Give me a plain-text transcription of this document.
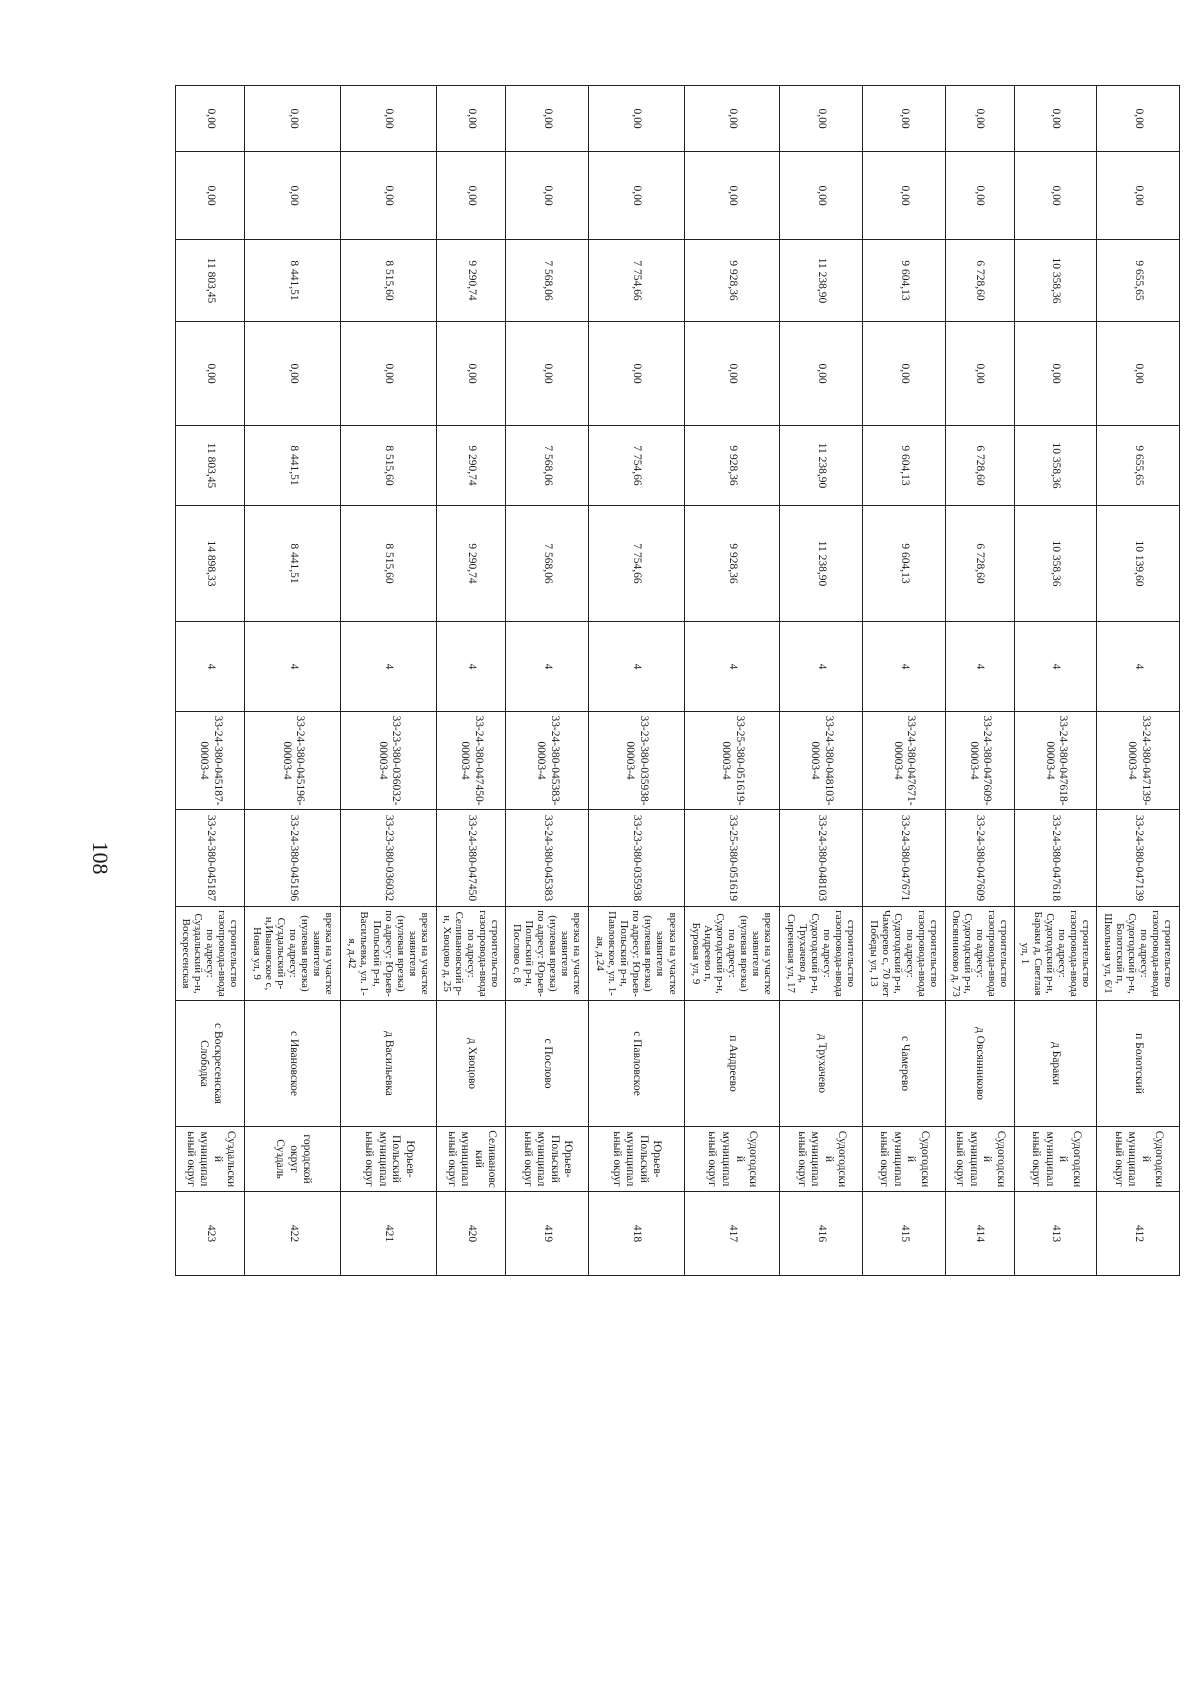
108
0,00	0,00	9 655,65	0,00	9 655,65	10 139,60	4	33-24-380-047139-00003-4	33-24-380-047139	строительство газопровода-ввода по адресу: Судогодский р-н, Болотский п, Школьная ул, 6/1	п Болотский	Судогодский муниципальный округ	412
0,00	0,00	10 358,36	0,00	10 358,36	10 358,36	4	33-24-380-047618-00003-4	33-24-380-047618	строительство газопровода-ввода по адресу: Судогодский р-н, Бараки д, Светлая ул, 1	д Бараки	Судогодский муниципальный округ	413
0,00	0,00	6 728,60	0,00	6 728,60	6 728,60	4	33-24-380-047609-00003-4	33-24-380-047609	строительство газопровода-ввода по адресу: Судогодский р-н, Овсянниково д, 73	д Овсянниково	Судогодский муниципальный округ	414
0,00	0,00	9 604,13	0,00	9 604,13	9 604,13	4	33-24-380-047671-00003-4	33-24-380-047671	строительство газопровода-ввода по адресу: Судогодский р-н, Чамерево с, 70 лет Победы ул, 13	с Чамерево	Судогодский муниципальный округ	415
0,00	0,00	11 238,90	0,00	11 238,90	11 238,90	4	33-24-380-048103-00003-4	33-24-380-048103	строительство газопровода-ввода по адресу: Судогодский р-н, Трухачево д, Сиреневая ул, 17	д Трухачево	Судогодский муниципальный округ	416
0,00	0,00	9 928,36	0,00	9 928,36	9 928,36	4	33-25-380-051619-00003-4	33-25-380-051619	врезка на участке заявителя (нулевая врезка) по адресу: Судогодский р-н, Андреево п, Буровая ул, 9	п Андреево	Судогодский муниципальный округ	417
0,00	0,00	7 754,66	0,00	7 754,66	7 754,66	4	33-23-380-035938-00003-4	33-23-380-035938	врезка на участке заявителя (нулевая врезка) по адресу: Юрьев-Польский р-н, Павловское, ул. 1-ая, д.24	с Павловское	Юрьев-Польский муниципальный округ	418
0,00	0,00	7 568,06	0,00	7 568,06	7 568,06	4	33-24-380-045383-00003-4	33-24-380-045383	врезка на участке заявителя (нулевая врезка) по адресу: Юрьев-Польский р-н, Пословo с, 8	с Пословo	Юрьев-Польский муниципальный округ	419
0,00	0,00	9 290,74	0,00	9 290,74	9 290,74	4	33-24-380-047450-00003-4	33-24-380-047450	строительство газопровода-ввода по адресу: Селивановский р-н, Хвоцово д, 25	д Хвоцово	Селивановский муниципальный округ	420
0,00	0,00	8 515,60	0,00	8 515,60	8 515,60	4	33-23-380-036032-00003-4	33-23-380-036032	врезка на участке заявителя (нулевая врезка) по адресу: Юрьев-Польский р-н, Васильевка, ул. 1-я, д.42	д Васильевка	Юрьев-Польский муниципальный округ	421
0,00	0,00	8 441,51	0,00	8 441,51	8 441,51	4	33-24-380-045196-00003-4	33-24-380-045196	врезка на участке заявителя (нулевая врезка) по адресу: Суздальский р-н,Ивановское с, Новая ул, 9	с Ивановское	городской округ Суздаль	422
0,00	0,00	11 803,45	0,00	11 803,45	14 898,33	4	33-24-380-045187-00003-4	33-24-380-045187	строительство газопровода-ввода по адресу: Суздальский р-н, Воскресенская	с Воскресенская Слободка	Суздальский муниципальный округ	423
